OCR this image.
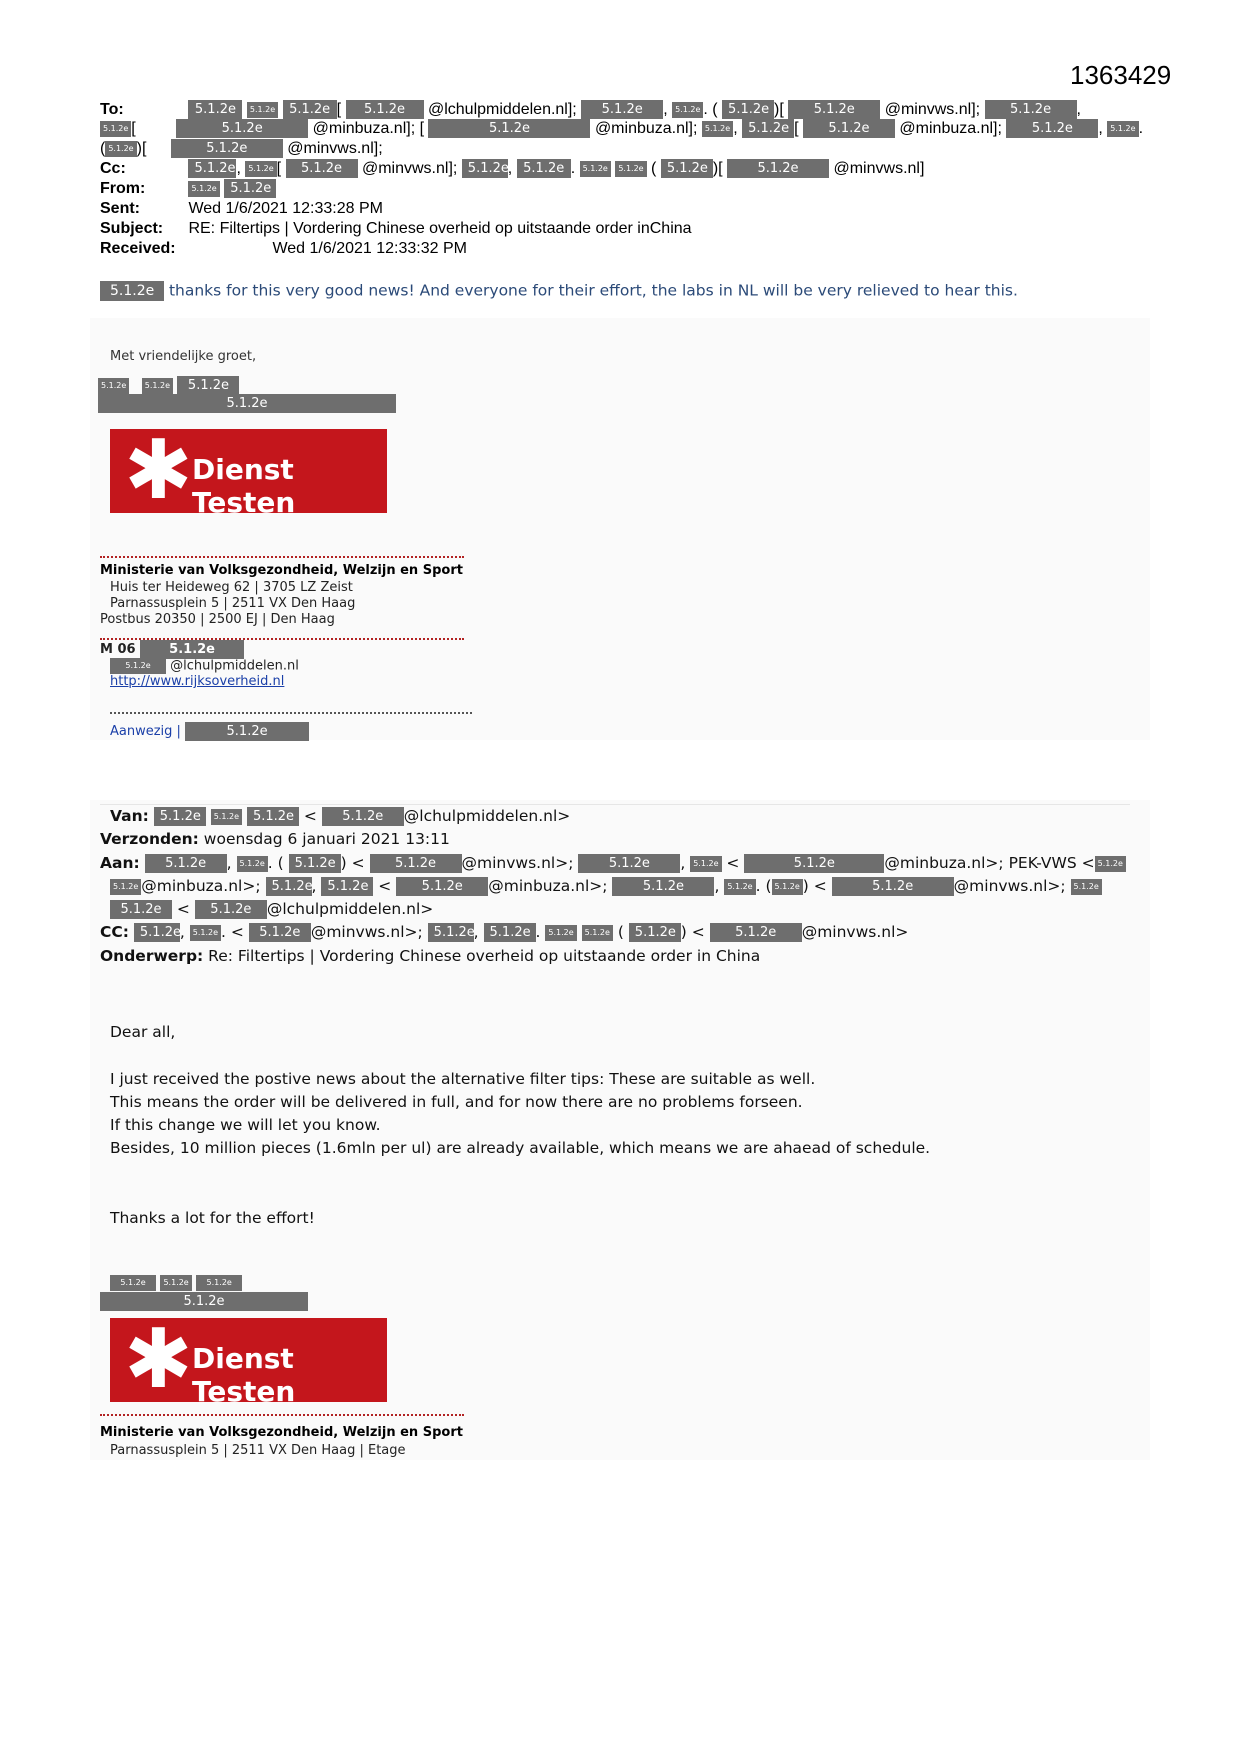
1363429
To:	5.1.2e 5.1.2e 5.1.2e [ 5.1.2e @lchulpmiddelen.nl]; 5.1.2e , 5.1.2e . ( 5.1.2e )[ 5.1.2e @minvws.nl]; 5.1.2e ,
5.1.2e [	5.1.2e	@minbuza.nl]; [	5.1.2e	@minbuza.nl]; 5.1.2e , 5.1.2e [ 5.1.2e @minbuza.nl]; 5.1.2e , 5.1.2e .
( 5.1.2e )[	5.1.2e @minvws.nl];
Cc:	5.1.2e, 5.1.2e [ 5.1.2e @minvws.nl]; 5.1.2e, 5.1.2e . 5.1.2e 5.1.2e ( 5.1.2e )[ 5.1.2e @minvws.nl]
From:	5.1.2e 5.1.2e
Sent:	Wed 1/6/2021 12:33:28 PM
Subject: RE: Filtertips | Vordering Chinese overheid op uitstaande order inChina
Received:	Wed 1/6/2021 12:33:32 PM
5.1.2e thanks for this very good news! And everyone for their effort, the labs in NL will be very relieved to hear this.
Met vriendelijke groet,
5.1.2e 5.1.2e 5.1.2e
5.1.2e
✱ Dienst Testen
Ministerie van Volksgezondheid, Welzijn en Sport
Huis ter Heideweg 62 | 3705 LZ Zeist
Parnassusplein 5 | 2511 VX Den Haag
Postbus 20350 | 2500 EJ | Den Haag
M 06	5.1.2e
5.1.2e @lchulpmiddelen.nl
http://www.rijksoverheid.nl
Aanwezig |	5.1.2e
Van: 5.1.2e 5.1.2e 5.1.2e < 5.1.2e @lchulpmiddelen.nl>
Verzonden: woensdag 6 januari 2021 13:11
Aan: 5.1.2e , 5.1.2e . ( 5.1.2e ) < 5.1.2e @minvws.nl>;	5.1.2e , 5.1.2e <	5.1.2e	@minbuza.nl>; PEK-VWS < 5.1.2e
5.1.2e @minbuza.nl>; 5.1.2e, 5.1.2e < 5.1.2e @minbuza.nl>;	5.1.2e , 5.1.2e . ( 5.1.2e ) <	5.1.2e	@minvws.nl>; 5.1.2e
5.1.2e < 5.1.2e @lchulpmiddelen.nl>
CC: 5.1.2e, 5.1.2e . < 5.1.2e @minvws.nl>; 5.1.2e, 5.1.2e . 5.1.2e 5.1.2e ( 5.1.2e ) < 5.1.2e @minvws.nl>
Onderwerp: Re: Filtertips | Vordering Chinese overheid op uitstaande order in China
Dear all,
I just received the postive news about the alternative filter tips: These are suitable as well.
This means the order will be delivered in full, and for now there are no problems forseen.
If this change we will let you know.
Besides, 10 million pieces (1.6mln per ul) are already available, which means we are ahaead of schedule.
Thanks a lot for the effort!
5.1.2e 5.1.2e 5.1.2e
5.1.2e
✱ Dienst Testen
Ministerie van Volksgezondheid, Welzijn en Sport
Parnassusplein 5 | 2511 VX Den Haag | Etage
